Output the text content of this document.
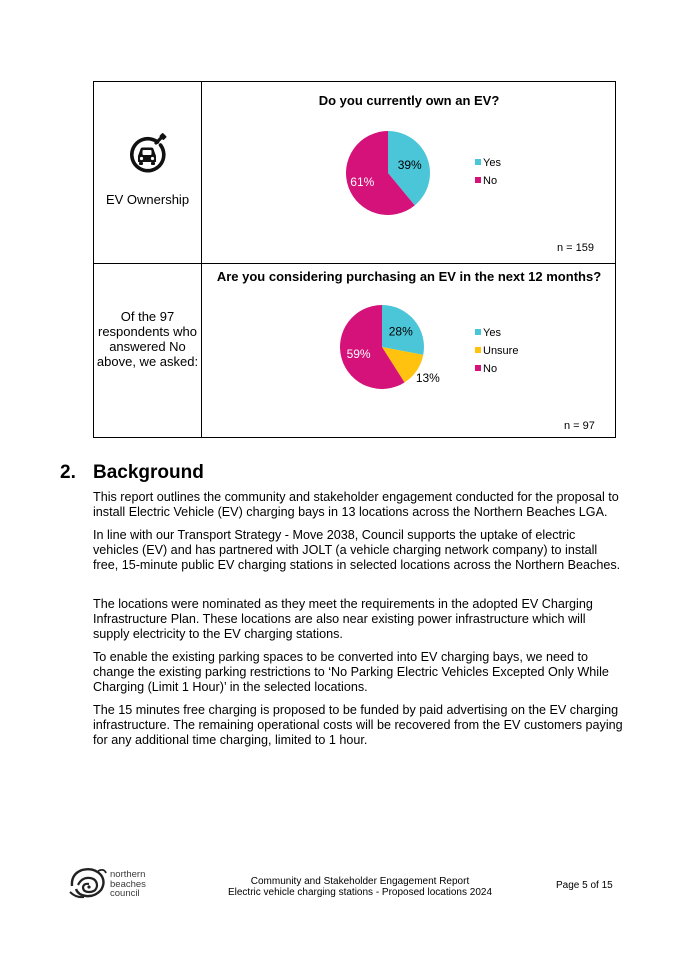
EV Ownership
Do you currently own an EV?
39%
61%
Yes
No
n = 159
Of the 97 respondents who answered No above, we asked:
Are you considering purchasing an EV in the next 12 months?
28%
13%
59%
Yes
Unsure
No
n = 97
2. Background

This report outlines the community and stakeholder engagement conducted for the proposal to install Electric Vehicle (EV) charging bays in 13 locations across the Northern Beaches LGA.

In line with our Transport Strategy - Move 2038, Council supports the uptake of electric vehicles (EV) and has partnered with JOLT (a vehicle charging network company) to install free, 15-minute public EV charging stations in selected locations across the Northern Beaches.

The locations were nominated as they meet the requirements in the adopted EV Charging Infrastructure Plan. These locations are also near existing power infrastructure which will supply electricity to the EV charging stations.

To enable the existing parking spaces to be converted into EV charging bays, we need to change the existing parking restrictions to ‘No Parking Electric Vehicles Excepted Only While Charging (Limit 1 Hour)’ in the selected locations.

The 15 minutes free charging is proposed to be funded by paid advertising on the EV charging infrastructure. The remaining operational costs will be recovered from the EV customers paying for any additional time charging, limited to 1 hour.

northern
beaches
council
Community and Stakeholder Engagement Report
Electric vehicle charging stations - Proposed locations 2024
Page 5 of 15
